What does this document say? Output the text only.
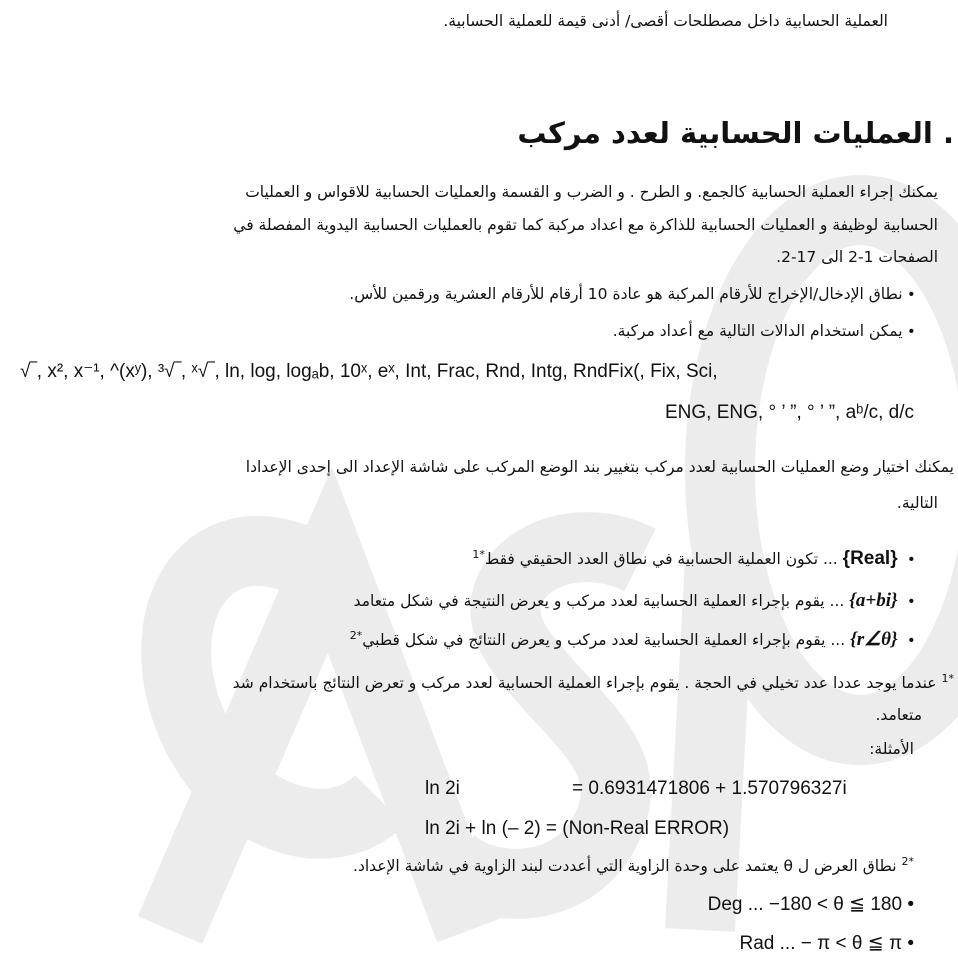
العملية الحسابية داخل مصطلحات أقصى/ أدنى قيمة للعملية الحسابية.
. العمليات الحسابية لعدد مركب
يمكنك إجراء العملية الحسابية كالجمع. و الطرح . و الضرب و القسمة والعمليات الحسابية للاقواس و العمليات
الحسابية لوظيفة و العمليات الحسابية للذاكرة مع اعداد مركبة كما تقوم بالعمليات الحسابية اليدوية المفصلة في
الصفحات 1-2 الى 17-2.
• نطاق الإدخال/الإخراج للأرقام المركبة هو عادة 10 أرقام للأرقام العشرية ورقمين للأس.
• يمكن استخدام الدالات التالية مع أعداد مركبة.
√‾, x², x⁻¹, ^(xʸ), ³√‾, ˣ√‾, ln, log, logₐb, 10ˣ, eˣ, Int, Frac, Rnd, Intg, RndFix(, Fix, Sci,
ENG, ENG, ° ’ ”, ° ’ ”, aᵇ/c, d/c
يمكنك اختيار وضع العمليات الحسابية لعدد مركب بتغيير بند الوضع المركب على شاشة الإعداد الى إحدى الإعدادا
التالية.
• {Real} ... تكون العملية الحسابية في نطاق العدد الحقيقي فقط$^{*1}$
• {a+bi} ... يقوم بإجراء العملية الحسابية لعدد مركب و يعرض النتيجة في شكل متعامد
• {r∠θ} ... يقوم بإجراء العملية الحسابية لعدد مركب و يعرض النتائج في شكل قطبي$^{*2}$
$^{*1}$ عندما يوجد عددا عدد تخيلي في الحجة . يقوم بإجراء العملية الحسابية لعدد مركب و تعرض النتائج باستخدام شد
متعامد.
الأمثلة:
ln 2i	= 0.6931471806 + 1.570796327i
ln 2i + ln (– 2) = (Non-Real ERROR)
$^{*2}$ نطاق العرض ل θ يعتمد على وحدة الزاوية التي أعددت لبند الزاوية في شاشة الإعداد.
Deg ... −180 < θ ≦ 180 •
Rad ... − π < θ ≦ π •
